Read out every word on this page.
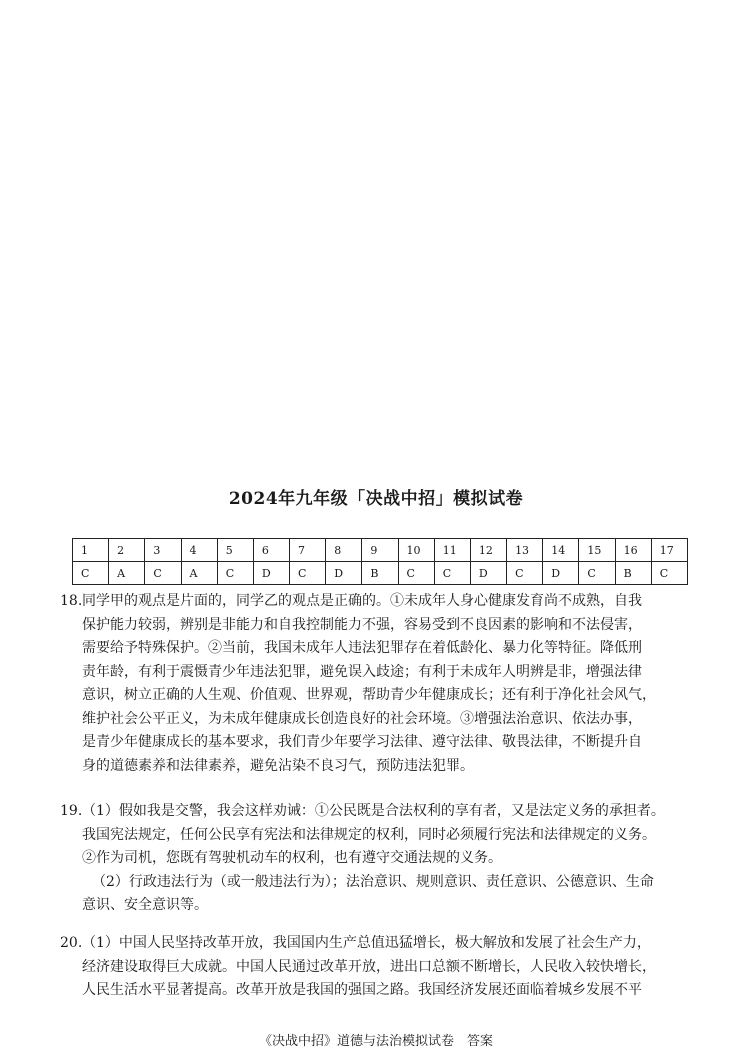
2024年九年级「决战中招」模拟试卷
1	2	3	4	5	6	7	8	9	10	11	12	13	14	15	16	17
C	A	C	A	C	D	C	D	B	C	C	D	C	D	C	B	C
18. 同学甲的观点是片面的，同学乙的观点是正确的。①未成年人身心健康发育尚不成熟，自我
保护能力较弱，辨别是非能力和自我控制能力不强，容易受到不良因素的影响和不法侵害，
需要给予特殊保护。②当前，我国未成年人违法犯罪存在着低龄化、暴力化等特征。降低刑
责年龄，有利于震慑青少年违法犯罪，避免误入歧途；有利于未成年人明辨是非，增强法律
意识，树立正确的人生观、价值观、世界观，帮助青少年健康成长；还有利于净化社会风气，
维护社会公平正义，为未成年健康成长创造良好的社会环境。③增强法治意识、依法办事，
是青少年健康成长的基本要求，我们青少年要学习法律、遵守法律、敬畏法律，不断提升自
身的道德素养和法律素养，避免沾染不良习气，预防违法犯罪。
19. （1）假如我是交警，我会这样劝诫：①公民既是合法权利的享有者，又是法定义务的承担者。
我国宪法规定，任何公民享有宪法和法律规定的权利，同时必须履行宪法和法律规定的义务。
②作为司机，您既有驾驶机动车的权利，也有遵守交通法规的义务。
（2）行政违法行为（或一般违法行为）；法治意识、规则意识、责任意识、公德意识、生命
意识、安全意识等。
20. （1）中国人民坚持改革开放，我国国内生产总值迅猛增长，极大解放和发展了社会生产力，
经济建设取得巨大成就。中国人民通过改革开放，进出口总额不断增长，人民收入较快增长，
人民生活水平显著提高。改革开放是我国的强国之路。我国经济发展还面临着城乡发展不平
《决战中招》道德与法治模拟试卷　答案
